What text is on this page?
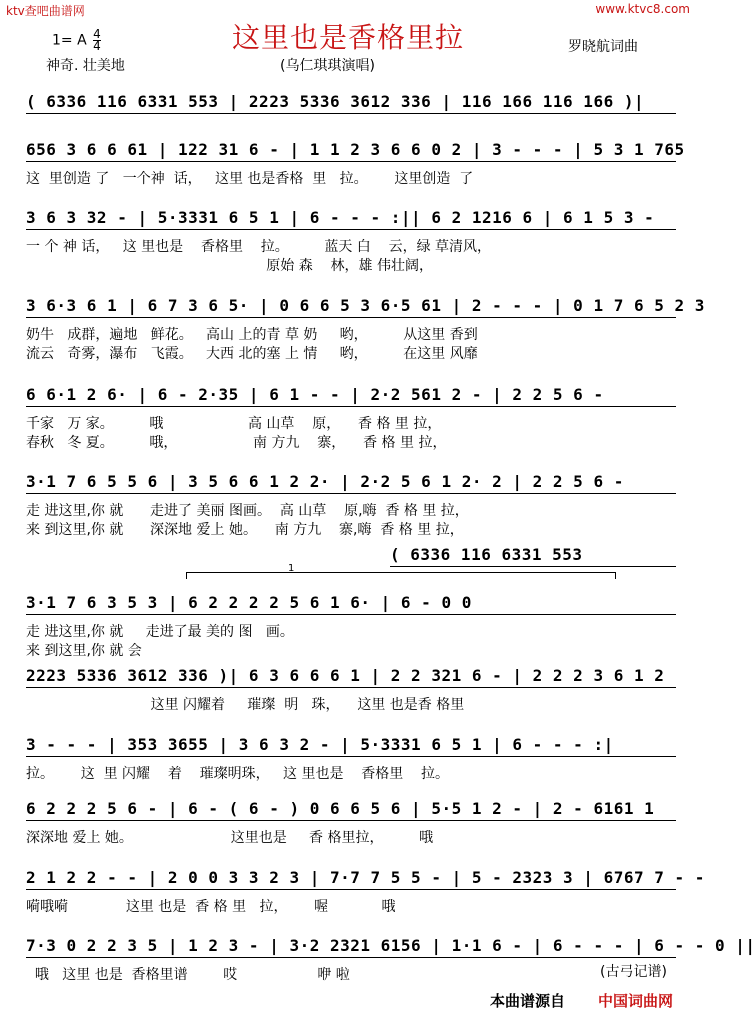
ktv查吧曲谱网	www.ktvc8.com
1= A $\frac{4}{4}$	这里也是香格里拉	罗晓航词曲
神奇. 壮美地	(乌仁琪琪演唱)
( 6336 116 6331 553 | 2223 5336 3612 336 | 116 166 116 166 )|
656 3 6 6 61 | 122 31 6 - | 1 1 2 3 6 6 0 2 | 3 - - - | 5 3 1 765
这  里创造 了   一个神  话，   这里 也是香格  里   拉。      这里创造  了
3 6 3 32 - | 5·3331 6 5 1 | 6 - - - :|| 6 2 1216 6 | 6 1 5 3 -
一 个 神 话，   这 里也是    香格里    拉。        蓝天 白    云，绿 草清风，
原始 森    林，雄 伟壮阔，
3 6·3 6 1 | 6 7 3 6 5· | 0 6 6 5 3 6·5 61 | 2 - - - | 0 1 7 6 5 2 3
奶牛   成群，遍地   鲜花。   高山 上的青 草 奶     哟，        从这里 香到
流云   奇雾，瀑布   飞霞。   大西 北的塞 上 情     哟，        在这里 风靡
6 6·1 2 6· | 6 - 2·35 | 6 1 - - | 2·2 561 2 - | 2 2 5 6 -
千家   万 家。        哦                   高 山草    原，    香 格 里 拉，
春秋   冬 夏。        哦，                 南 方九    寨，    香 格 里 拉，
3·1 7 6 5 5 6 | 3 5 6 6 1 2 2· | 2·2 5 6 1 2· 2 | 2 2 5 6 -
走 进这里,你 就      走进了 美丽 图画。  高 山草    原,嗨  香 格 里 拉，
来 到这里,你 就      深深地 爱上 她。    南 方九    寨,嗨  香 格 里 拉，
( 6336 116 6331 553
3·1 7 6 3 5 3 | 6 2 2 2 2 5 6 1 6· | 6 - 0 0
走 进这里,你 就     走进了最 美的 图   画。
来 到这里,你 就 会
2223 5336 3612 336 )| 6 3 6 6 6 1 | 2 2 321 6 - | 2 2 2 3 6 1 2
这里 闪耀着     璀璨  明   珠，    这里 也是香 格里
3 - - - | 353 3655 | 3 6 3 2 - | 5·3331 6 5 1 | 6 - - - :|
拉。      这  里 闪耀    着    璀璨明珠，   这 里也是    香格里    拉。
6 2 2 2 5 6 - | 6 - ( 6 - ) 0 6 6 5 6 | 5·5 1 2 - | 2 - 6161 1
深深地 爱上 她。                      这里也是     香 格里拉，        哦
2 1 2 2 - - | 2 0 0 3 3 2 3 | 7·7 7 5 5 - | 5 - 2323 3 | 6767 7 - -
嗬哦嗬             这里 也是  香 格 里   拉，      喔            哦
7·3 0 2 2 3 5 | 1 2 3 - | 3·2 2321 6156 | 1·1 6 - | 6 - - - | 6 - - 0 ||
哦   这里 也是  香格里谱        哎                  咿 啦
1
(古弓记谱)
本曲谱源自 中国词曲网
